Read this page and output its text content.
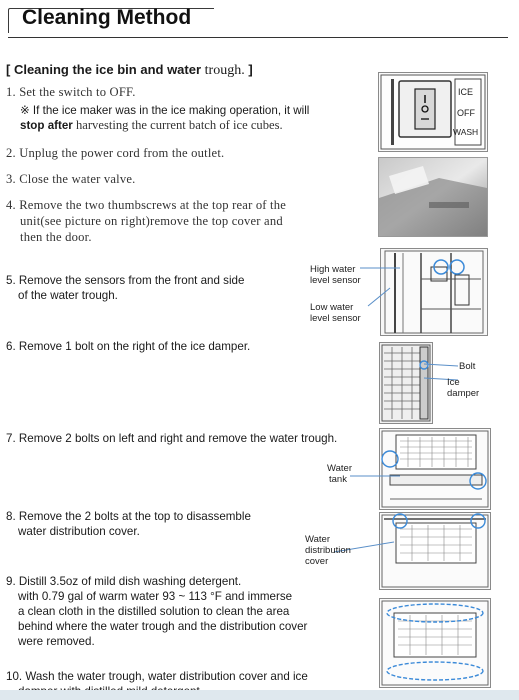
Cleaning Method
[ Cleaning the ice bin and water trough. ]
1. Set the switch to OFF.
※ If the ice maker was in the ice making operation, it will
stop after harvesting the current batch of ice cubes.
2. Unplug the power cord from the outlet.
3. Close the water valve.
4. Remove the two thumbscrews at the top rear of the
unit(see picture on right)remove the top cover and
then the door.
5. Remove the sensors from the front and side
of the water trough.
6. Remove 1 bolt on the right of the ice damper.
7. Remove 2 bolts on left and right and remove the water trough.
8. Remove the 2 bolts at the top to disassemble
water distribution cover.
9. Distill 3.5oz of mild dish washing detergent.
with 0.79 gal of warm water 93 ~ 113 °F and immerse
a clean cloth in the distilled solution to clean the area
behind where the water trough and the distribution cover
were removed.
10. Wash the water trough, water distribution cover and ice
ICE
OFF
WASH
High water
level sensor
Low water
level sensor
Bolt
Ice
damper
Water
tank
Water
distribution
cover
